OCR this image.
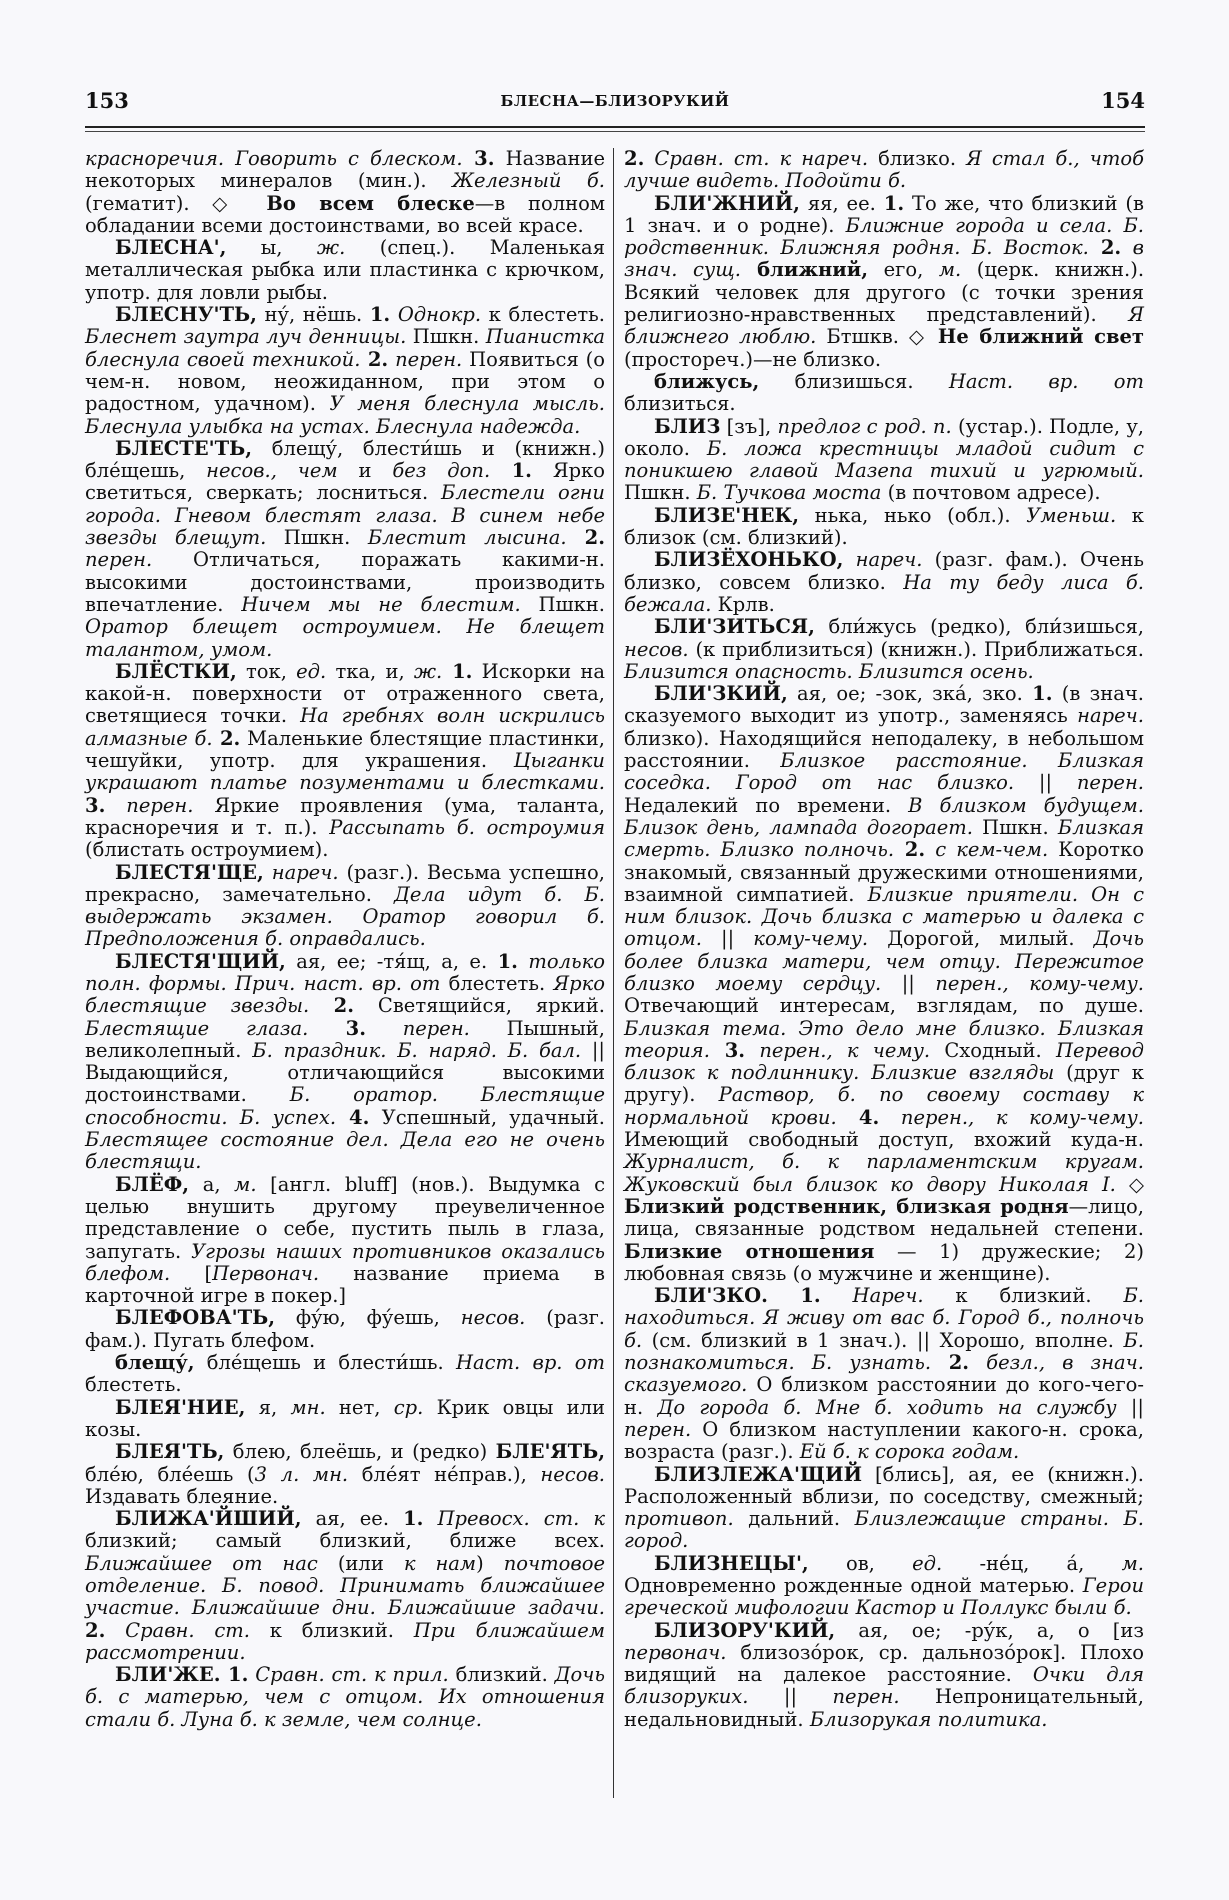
153	БЛЕСНА—БЛИЗОРУКИЙ	154

красноречия. Говорить с блеском. 3. Название некоторых минералов (мин.). Железный б. (гематит). ◇ Во всем блеске—в полном обладании всеми достоинствами, во всей красе.

БЛЕСНА', ы, ж. (спец.). Маленькая металлическая рыбка или пластинка с крючком, употр. для ловли рыбы.

БЛЕСНУ'ТЬ, ну́, нёшь. 1. Однокр. к блестеть. Блеснет заутра луч денницы. Пшкн. Пианистка блеснула своей техникой. 2. перен. Появиться (о чем-н. новом, неожиданном, при этом о радостном, удачном). У меня блеснула мысль. Блеснула улыбка на устах. Блеснула надежда.

БЛЕСТЕ'ТЬ, блещу́, блести́шь и (книжн.) бле́щешь, несов., чем и без доп. 1. Ярко светиться, сверкать; лосниться. Блестели огни города. Гневом блестят глаза. В синем небе звезды блещут. Пшкн. Блестит лысина. 2. перен. Отличаться, поражать какими-н. высокими достоинствами, производить впечатление. Ничем мы не блестим. Пшкн. Оратор блещет остроумием. Не блещет талантом, умом.

БЛЁСТКИ, ток, ед. тка, и, ж. 1. Искорки на какой-н. поверхности от отраженного света, светящиеся точки. На гребнях волн искрились алмазные б. 2. Маленькие блестящие пластинки, чешуйки, употр. для украшения. Цыганки украшают платье позументами и блестками. 3. перен. Яркие проявления (ума, таланта, красноречия и т. п.). Рассыпать б. остроумия (блистать остроумием).

БЛЕСТЯ'ЩЕ, нареч. (разг.). Весьма успешно, прекрасно, замечательно. Дела идут б. Б. выдержать экзамен. Оратор говорил б. Предположения б. оправдались.

БЛЕСТЯ'ЩИЙ, ая, ее; -тя́щ, а, е. 1. только полн. формы. Прич. наст. вр. от блестеть. Ярко блестящие звезды. 2. Светящийся, яркий. Блестящие глаза. 3. перен. Пышный, великолепный. Б. праздник. Б. наряд. Б. бал. || Выдающийся, отличающийся высокими достоинствами. Б. оратор. Блестящие способности. Б. успех. 4. Успешный, удачный. Блестящее состояние дел. Дела его не очень блестящи.

БЛЁФ, а, м. [англ. bluff] (нов.). Выдумка с целью внушить другому преувеличенное представление о себе, пустить пыль в глаза, запугать. Угрозы наших противников оказались блефом. [Первонач. название приема в карточной игре в покер.]

БЛЕФОВА'ТЬ, фу́ю, фу́ешь, несов. (разг. фам.). Пугать блефом.

блещу́, бле́щешь и блести́шь. Наст. вр. от блестеть.

БЛЕЯ'НИЕ, я, мн. нет, ср. Крик овцы или козы.

БЛЕЯ'ТЬ, блею, блеёшь, и (редко) БЛЕ'ЯТЬ, бле́ю, бле́ешь (3 л. мн. бле́ят не́прав.), несов. Издавать блеяние.

БЛИЖА'ЙШИЙ, ая, ее. 1. Превосх. ст. к близкий; самый близкий, ближе всех. Ближайшее от нас (или к нам) почтовое отделение. Б. повод. Принимать ближайшее участие. Ближайшие дни. Ближайшие задачи. 2. Сравн. ст. к близкий. При ближайшем рассмотрении.

БЛИ'ЖЕ. 1. Сравн. ст. к прил. близкий. Дочь б. с матерью, чем с отцом. Их отношения стали б. Луна б. к земле, чем солнце.

2. Сравн. ст. к нареч. близко. Я стал б., чтоб лучше видеть. Подойти б.

БЛИ'ЖНИЙ, яя, ее. 1. То же, что близкий (в 1 знач. и о родне). Ближние города и села. Б. родственник. Ближняя родня. Б. Восток. 2. в знач. сущ. ближний, его, м. (церк. книжн.). Всякий человек для другого (с точки зрения религиозно-нравственных представлений). Я ближнего люблю. Бтшкв. ◇ Не ближний свет (простореч.)—не близко.

ближусь, близишься. Наст. вр. от близиться.

БЛИЗ [зъ], предлог с род. п. (устар.). Подле, у, около. Б. ложа крестницы младой сидит с поникшею главой Мазепа тихий и угрюмый. Пшкн. Б. Тучкова моста (в почтовом адресе).

БЛИЗЕ'НЕК, нька, нько (обл.). Уменьш. к близок (см. близкий).

БЛИЗЁХОНЬКО, нареч. (разг. фам.). Очень близко, совсем близко. На ту беду лиса б. бежала. Крлв.

БЛИ'ЗИТЬСЯ, бли́жусь (редко), бли́зишься, несов. (к приблизиться) (книжн.). Приближаться. Близится опасность. Близится осень.

БЛИ'ЗКИЙ, ая, ое; -зок, зка́, зко. 1. (в знач. сказуемого выходит из употр., заменяясь нареч. близко). Находящийся неподалеку, в небольшом расстоянии. Близкое расстояние. Близкая соседка. Город от нас близко. || перен. Недалекий по времени. В близком будущем. Близок день, лампада догорает. Пшкн. Близкая смерть. Близко полночь. 2. с кем-чем. Коротко знакомый, связанный дружескими отношениями, взаимной симпатией. Близкие приятели. Он с ним близок. Дочь близка с матерью и далека с отцом. || кому-чему. Дорогой, милый. Дочь более близка матери, чем отцу. Пережитое близко моему сердцу. || перен., кому-чему. Отвечающий интересам, взглядам, по душе. Близкая тема. Это дело мне близко. Близкая теория. 3. перен., к чему. Сходный. Перевод близок к подлиннику. Близкие взгляды (друг к другу). Раствор, б. по своему составу к нормальной крови. 4. перен., к кому-чему. Имеющий свободный доступ, вхожий куда-н. Журналист, б. к парламентским кругам. Жуковский был близок ко двору Николая I. ◇ Близкий родственник, близкая родня—лицо, лица, связанные родством недальней степени. Близкие отношения — 1) дружеские; 2) любовная связь (о мужчине и женщине).

БЛИ'ЗКО. 1. Нареч. к близкий. Б. находиться. Я живу от вас б. Город б., полночь б. (см. близкий в 1 знач.). || Хорошо, вполне. Б. познакомиться. Б. узнать. 2. безл., в знач. сказуемого. О близком расстоянии до кого-чего-н. До города б. Мне б. ходить на службу || перен. О близком наступлении какого-н. срока, возраста (разг.). Ей б. к сорока годам.

БЛИЗЛЕЖА'ЩИЙ [блись], ая, ее (книжн.). Расположенный вблизи, по соседству, смежный; противоп. дальний. Близлежащие страны. Б. город.

БЛИЗНЕЦЫ', ов, ед. -не́ц, а́, м. Одновременно рожденные одной матерью. Герои греческой мифологии Кастор и Поллукс были б.

БЛИЗОРУ'КИЙ, ая, ое; -ру́к, а, о [из первонач. близозо́рок, ср. дальнозо́рок]. Плохо видящий на далекое расстояние. Очки для близоруких. || перен. Непроницательный, недальновидный. Близорукая политика.
